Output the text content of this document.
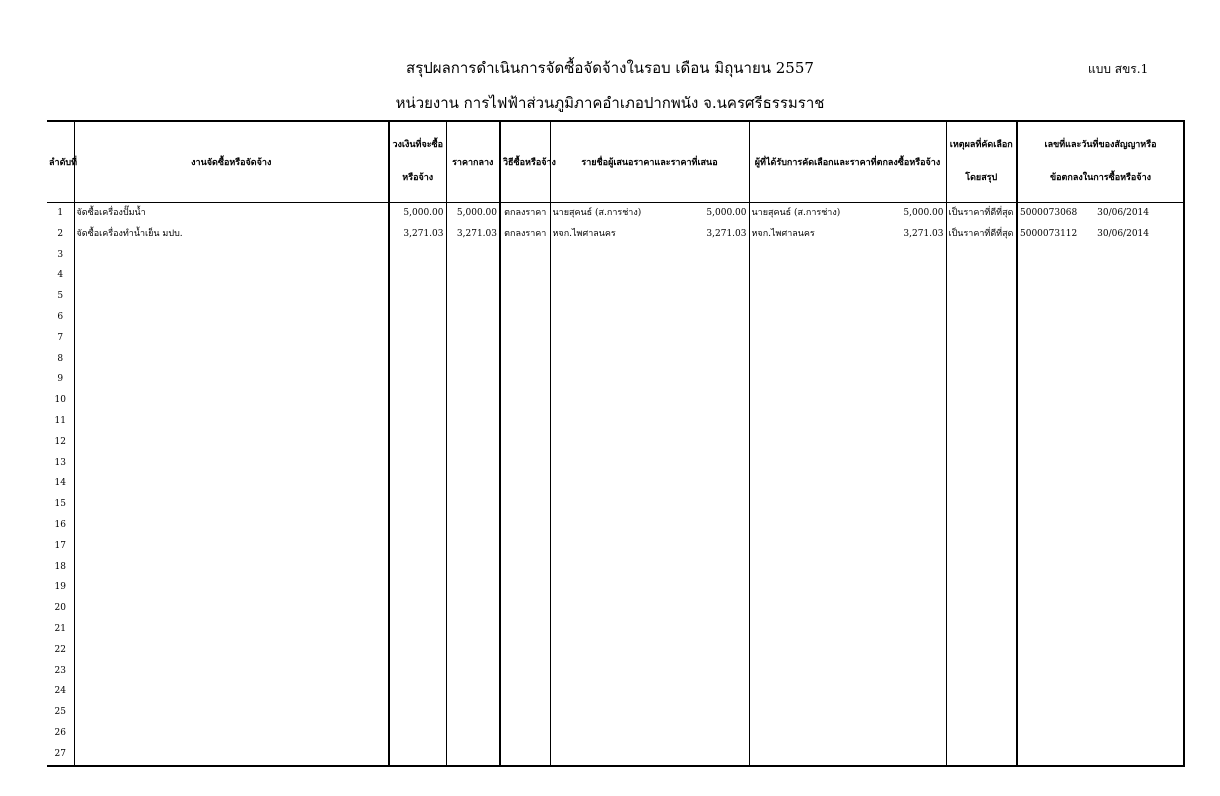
สรุปผลการดำเนินการจัดซื้อจัดจ้างในรอบ เดือน มิถุนายน 2557
หน่วยงาน การไฟฟ้าส่วนภูมิภาคอำเภอปากพนัง จ.นครศรีธรรมราช
แบบ สขร.1
ลำดับที่	งานจัดซื้อหรือจัดจ้าง	วงเงินที่จะซื้อ
หรือจ้าง	ราคากลาง	วิธีซื้อหรือจ้าง	รายชื่อผู้เสนอราคาและราคาที่เสนอ	ผู้ที่ได้รับการคัดเลือกและราคาที่ตกลงซื้อหรือจ้าง	เหตุผลที่คัดเลือก
โดยสรุป	เลขที่และวันที่ของสัญญาหรือ
ข้อตกลงในการซื้อหรือจ้าง

1	จัดซื้อเครื่องปั๊มน้ำ	5,000.00	5,000.00	ตกลงราคา	นายสุคนธ์ (ส.การช่าง) 5,000.00	นายสุคนธ์ (ส.การช่าง) 5,000.00	เป็นราคาที่ดีที่สุด	5000073068 30/06/2014

2	จัดซื้อเครื่องทำน้ำเย็น มปบ.	3,271.03	3,271.03	ตกลงราคา	หจก.ไพศาลนคร 3,271.03	หจก.ไพศาลนคร 3,271.03	เป็นราคาที่ดีที่สุด	5000073112 30/06/2014

3								
4								
5								
6								
7								
8								
9								
10								
11								
12								
13								
14								
15								
16								
17								
18								
19								
20								
21								
22								
23								
24								
25								
26								
27								
